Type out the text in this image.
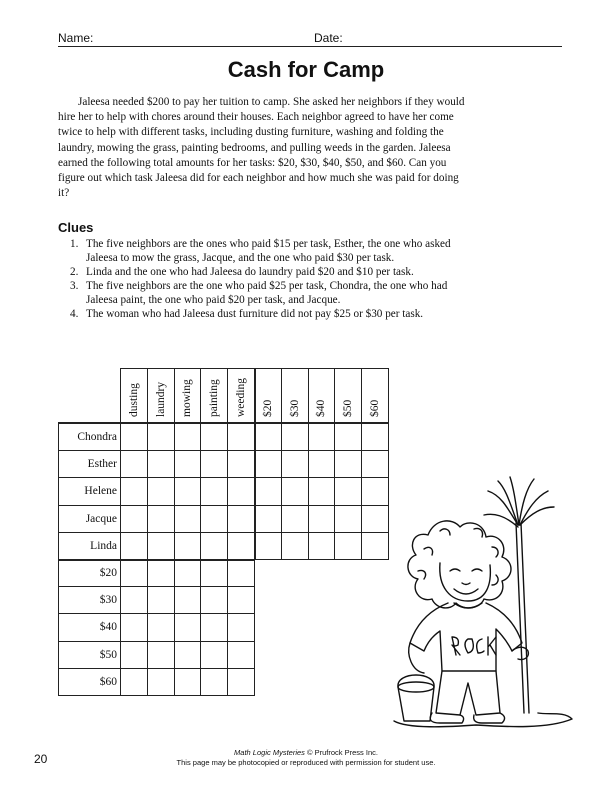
Name:	Date:
Cash for Camp

Jaleesa needed $200 to pay her tuition to camp. She asked her neighbors if they would hire her to help with chores around their houses. Each neighbor agreed to have her come twice to help with different tasks, including dusting furniture, washing and folding the laundry, mowing the grass, painting bedrooms, and pulling weeds in the garden. Jaleesa earned the following total amounts for her tasks: $20, $30, $40, $50, and $60. Can you figure out which task Jaleesa did for each neighbor and how much she was paid for doing it?

Clues
1. The five neighbors are the ones who paid $15 per task, Esther, the one who asked Jaleesa to mow the grass, Jacque, and the one who paid $30 per task.
2. Linda and the one who had Jaleesa do laundry paid $20 and $10 per task.
3. The five neighbors are the one who paid $25 per task, Chondra, the one who had Jaleesa paint, the one who paid $20 per task, and Jacque.
4. The woman who had Jaleesa dust furniture did not pay $25 or $30 per task.
dusting laundry mowing painting weeding $20 $30 $40 $50 $60
Chondra
Esther
Helene
Jacque
Linda
$20
$30
$40
$50
$60
20	Math Logic Mysteries © Prufrock Press Inc.
This page may be photocopied or reproduced with permission for student use.
